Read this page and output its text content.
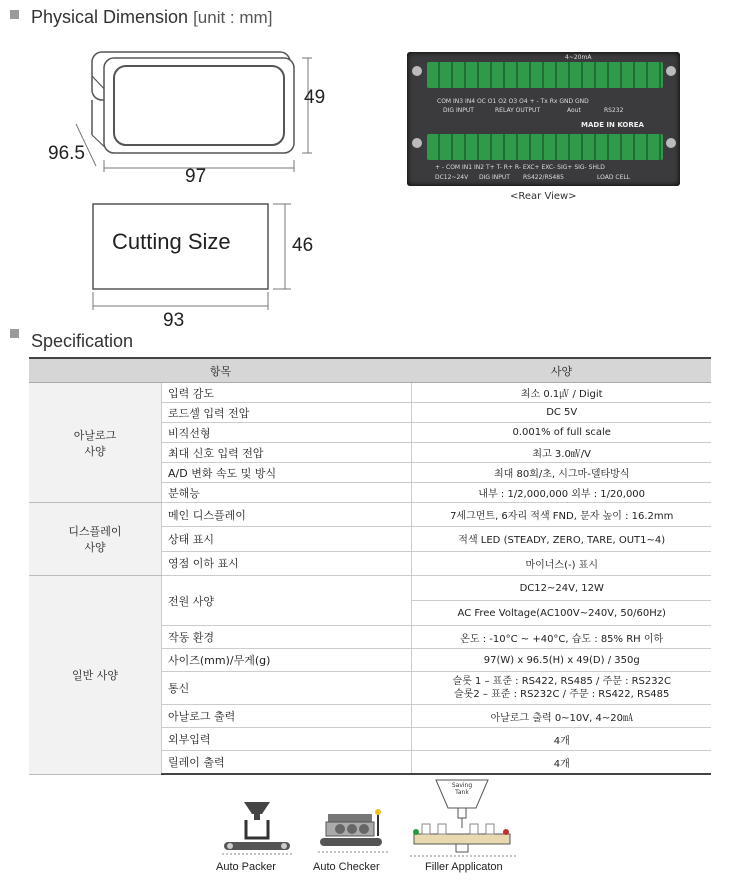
Physical Dimension [unit : mm]
49
96.5
97
Cutting Size	46
93
4~20mA
COM IN3 IN4 OC O1 O2 O3 O4 + - Tx Rx GND GND
DIG INPUT	RELAY OUTPUT	Aout	RS232
MADE IN KOREA
+ - COM IN1 IN2 T+ T- R+ R- EXC+ EXC- SIG+ SIG- SHLD
DC12~24V DIG INPUT RS422/RS485	LOAD CELL
<Rear View>
Specification
항목		사양
아날로그
사양	입력 감도	최소 0.1㎶ / Digit
	로드셀 입력 전압	DC 5V
	비직선형	0.001% of full scale
	최대 신호 입력 전압	최고 3.0㎷/V
	A/D 변화 속도 및 방식	최대 80회/초, 시그마-델타방식
	분해능	내부 : 1/2,000,000 외부 : 1/20,000
디스플레이
사양	메인 디스플레이	7세그먼트, 6자리 적색 FND, 문자 높이 : 16.2mm
	상태 표시	적색 LED (STEADY, ZERO, TARE, OUT1~4)
	영점 이하 표시	마이너스(-) 표시
일반 사양	전원 사양	DC12~24V, 12W
		AC Free Voltage(AC100V~240V, 50/60Hz)
	작동 환경	온도 : -10°C ~ +40°C, 습도 : 85% RH 이하
	사이즈(mm)/무게(g)	97(W) x 96.5(H) x 49(D) / 350g
	통신	슬롯 1 – 표준 : RS422, RS485 / 주문 : RS232C
슬롯2 – 표준 : RS232C / 주문 : RS422, RS485

	아날로그 출력	아날로그 출력 0~10V, 4~20㎃
	외부입력	4개
	릴레이 출력	4개
Auto Packer	Auto Checker
Saving Tank
Filler Applicaton
